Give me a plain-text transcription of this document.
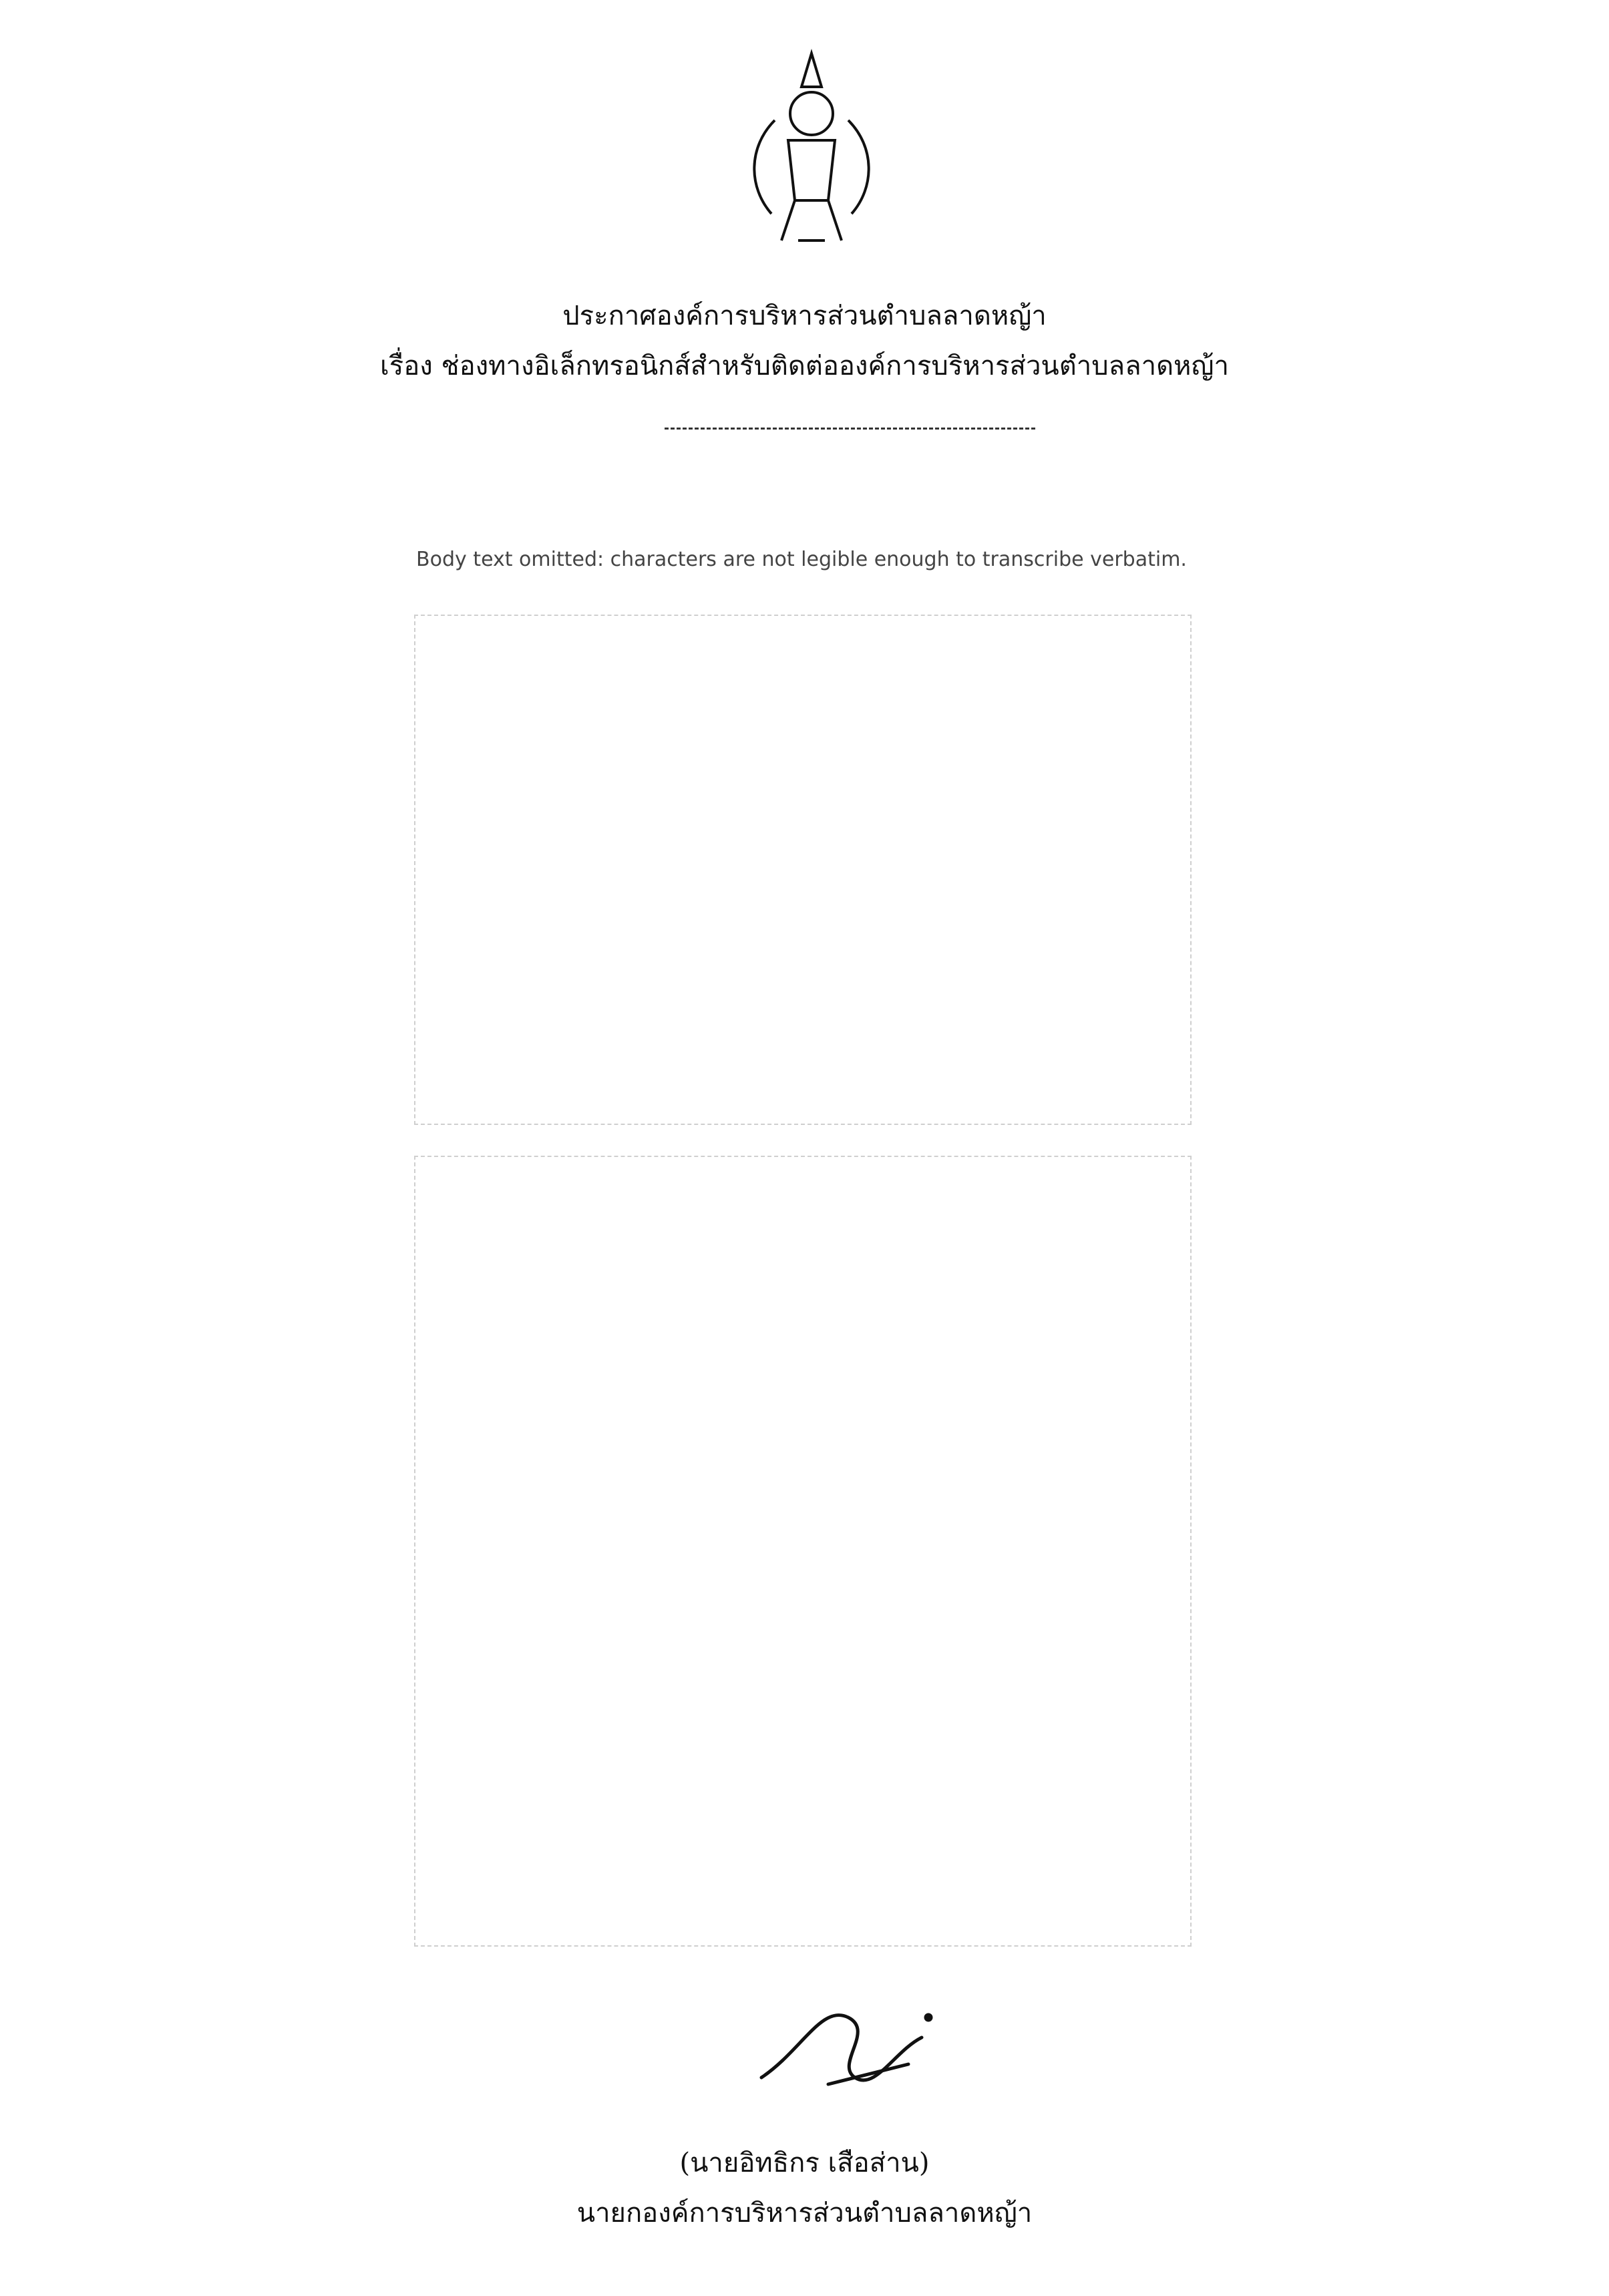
ประกาศองค์การบริหารส่วนตำบลลาดหญ้า
เรื่อง ช่องทางอิเล็กทรอนิกส์สำหรับติดต่อองค์การบริหารส่วนตำบลลาดหญ้า
Body text omitted: characters are not legible enough to transcribe verbatim.
(นายอิทธิกร เสือส่าน)
นายกองค์การบริหารส่วนตำบลลาดหญ้า
